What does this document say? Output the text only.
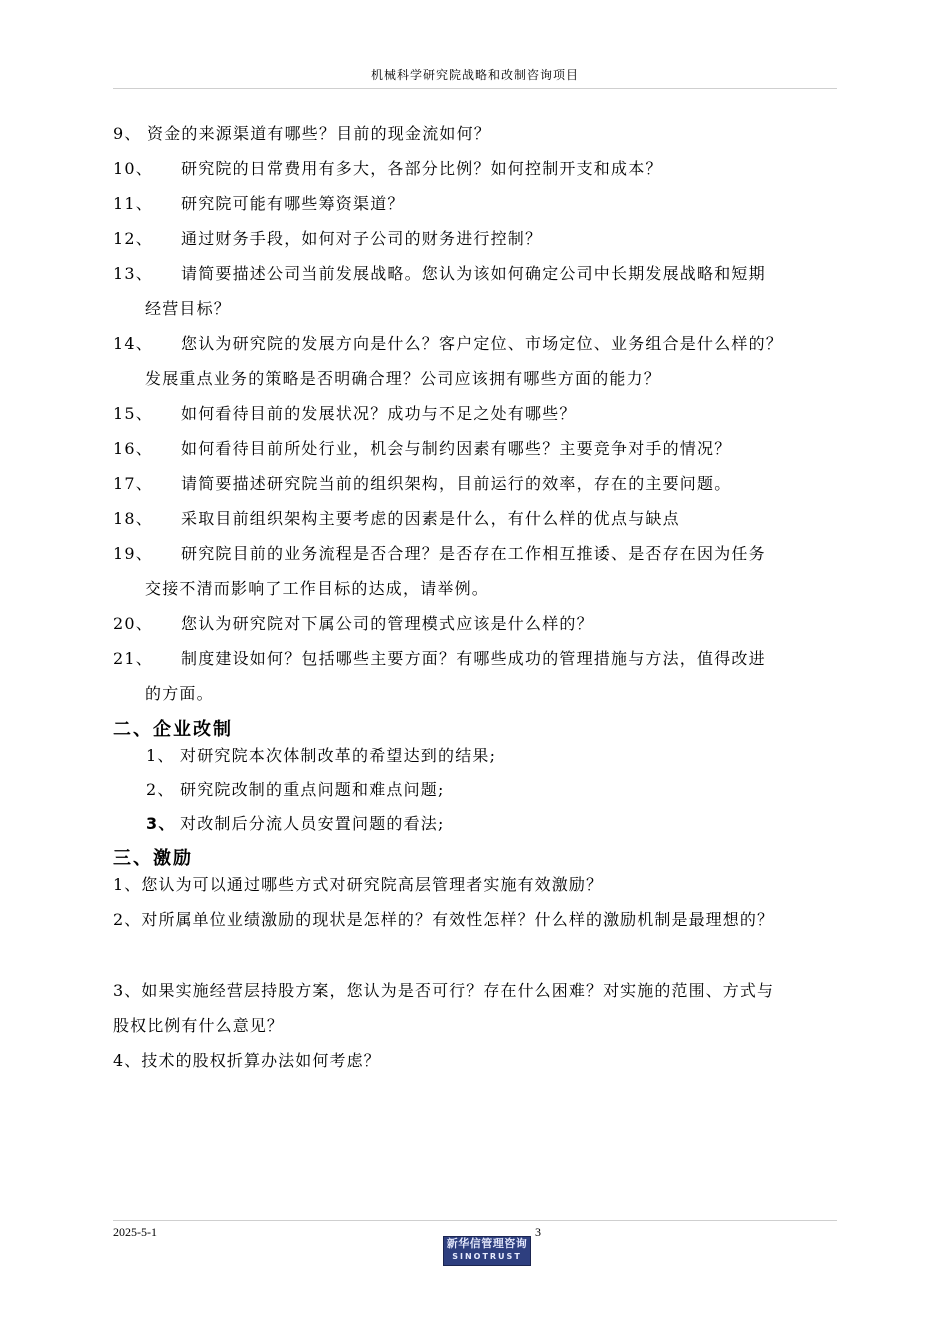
机械科学研究院战略和改制咨询项目
9、 资金的来源渠道有哪些？目前的现金流如何？
10、 研究院的日常费用有多大，各部分比例？如何控制开支和成本？
11、 研究院可能有哪些筹资渠道？
12、 通过财务手段，如何对子公司的财务进行控制？
13、 请简要描述公司当前发展战略。您认为该如何确定公司中长期发展战略和短期
经营目标？
14、 您认为研究院的发展方向是什么？客户定位、市场定位、业务组合是什么样的？
发展重点业务的策略是否明确合理？公司应该拥有哪些方面的能力？
15、 如何看待目前的发展状况？成功与不足之处有哪些？
16、 如何看待目前所处行业，机会与制约因素有哪些？主要竞争对手的情况？
17、 请简要描述研究院当前的组织架构，目前运行的效率，存在的主要问题。
18、 采取目前组织架构主要考虑的因素是什么，有什么样的优点与缺点
19、 研究院目前的业务流程是否合理？是否存在工作相互推诿、是否存在因为任务
交接不清而影响了工作目标的达成，请举例。
20、 您认为研究院对下属公司的管理模式应该是什么样的？
21、 制度建设如何？包括哪些主要方面？有哪些成功的管理措施与方法，值得改进
的方面。
二、企业改制
1、 对研究院本次体制改革的希望达到的结果;
2、 研究院改制的重点问题和难点问题;
3、 对改制后分流人员安置问题的看法;
三、激励
1、您认为可以通过哪些方式对研究院高层管理者实施有效激励？
2、对所属单位业绩激励的现状是怎样的？有效性怎样？什么样的激励机制是最理想的？
3、如果实施经营层持股方案，您认为是否可行？存在什么困难？对实施的范围、方式与
股权比例有什么意见？
4、技术的股权折算办法如何考虑？
2025-5-1	3
新华信管理咨询
SINOTRUST
